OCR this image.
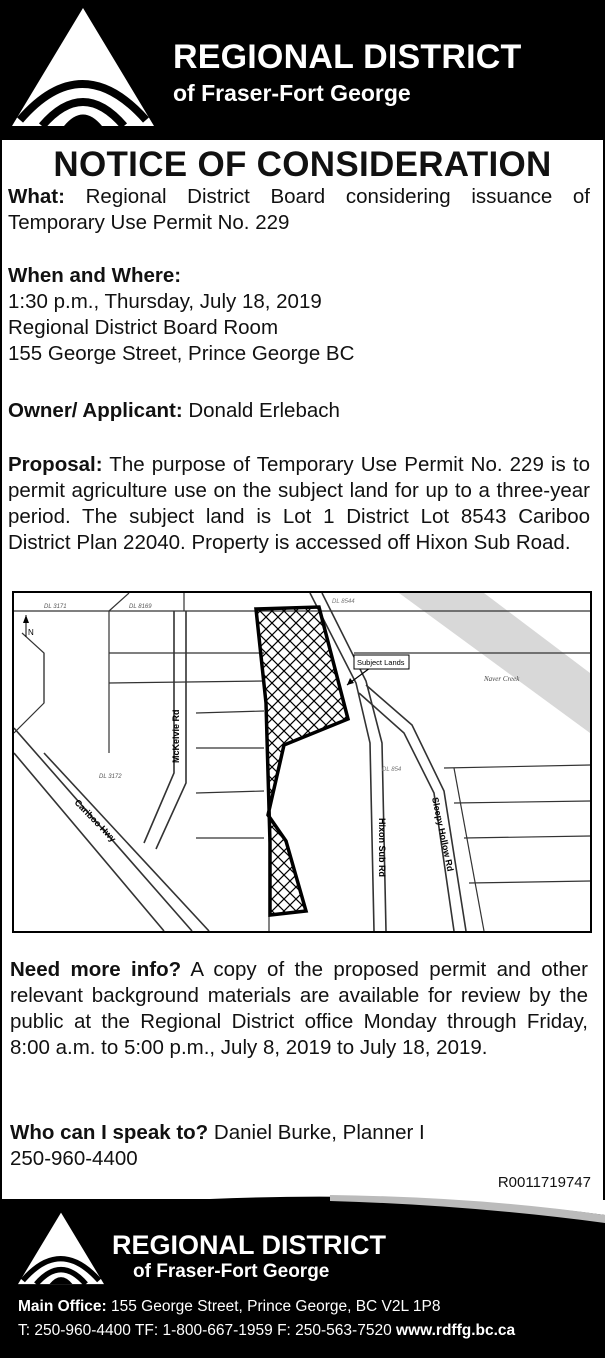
REGIONAL DISTRICT
of Fraser-Fort George
NOTICE OF CONSIDERATION
What: Regional District Board considering issuance of Temporary Use Permit No. 229
When and Where:
1:30 p.m., Thursday, July 18, 2019
Regional District Board Room
155 George Street, Prince George BC
Owner/ Applicant: Donald Erlebach
Proposal: The purpose of Temporary Use Permit No. 229 is to permit agriculture use on the subject land for up to a three-year period. The subject land is Lot 1 District Lot 8543 Cariboo District Plan 22040. Property is accessed off Hixon Sub Road.
Subject Lands
McKelvie Rd
Cariboo Hwy	Hixon Sub Rd	Sleepy Hollow Rd
Naver Creek
DL 3171	DL 8169
DL 3172
DL 8544
DL 854
N
Need more info? A copy of the proposed permit and other relevant background materials are available for review by the public at the Regional District office Monday through Friday, 8:00 a.m. to 5:00 p.m., July 8, 2019 to July 18, 2019.
Who can I speak to? Daniel Burke, Planner I
250-960-4400
R0011719747
REGIONAL DISTRICT
of Fraser-Fort George
Main Office: 155 George Street, Prince George, BC V2L 1P8
T: 250-960-4400 TF: 1-800-667-1959 F: 250-563-7520 www.rdffg.bc.ca
